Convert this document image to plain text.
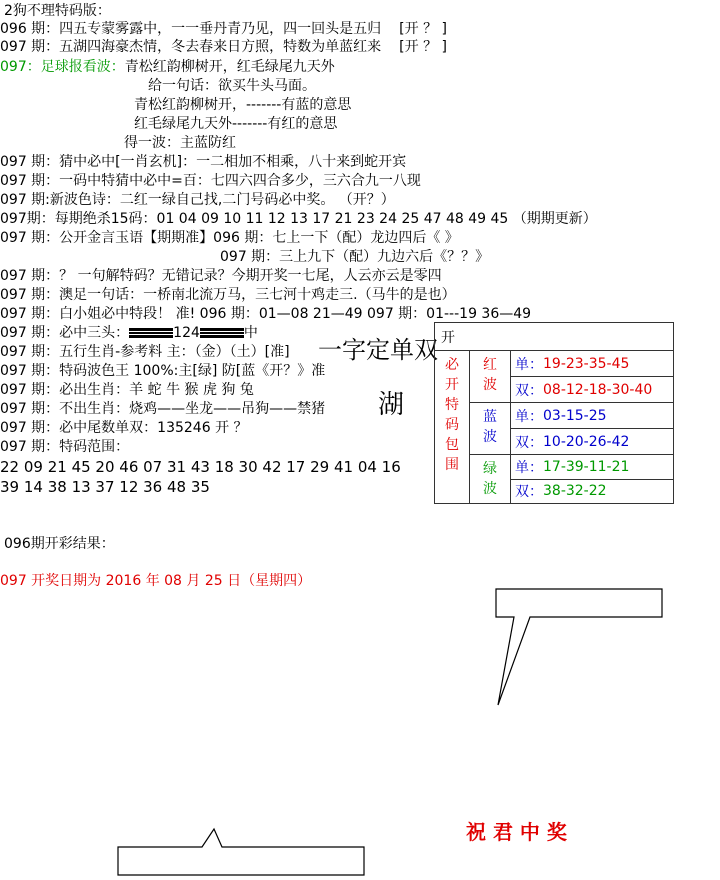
2狗不理特码版：
096 期：四五专蒙雾露中，一一垂丹青乃见，四一回头是五归 [开 ？ ]
097 期：五湖四海豪杰情，冬去春来日方照，特数为单蓝红来 [开 ？ ]
097：足球报看波：青松红韵柳树开，红毛绿尾九天外
给一句话：欲买牛头马面。
青松红韵柳树开，-------有蓝的意思
红毛绿尾九天外-------有红的意思
得一波：主蓝防红
097 期：猜中必中[一肖玄机]：一二相加不相乘，八十来到蛇开宾
097 期：一码中特猜中必中=百：七四六四合多少，三六合九一八现
097 期:新波色诗：二红一绿自己找,二门号码必中奖。 （开？）
097期：每期绝杀15码：01 04 09 10 11 12 13 17 21 23 24 25 47 48 49 45 （期期更新）
097 期：公开金言玉语【期期准】096 期：七上一下（配）龙边四后《 》
097 期：三上九下（配）九边六后《？？》
097 期：？ 一句解特码？无错记录？今期开奖一七尾，人云亦云是零四
097 期：澳足一句话：一桥南北流万马，三七河十鸡走三.（马牛的是也）
097 期：白小姐必中特段！ 准! 096 期：01—08 21—49 097 期：01---19 36—49
097 期：必中三头：	124	中
097 期：五行生肖-参考料 主：（金）（土）[准]
097 期：特码波色王 100%:主[绿] 防[蓝《开？》准
097 期：必出生肖：羊 蛇 牛 猴 虎 狗 兔
097 期：不出生肖：烧鸡——坐龙——吊狗——禁猪
097 期：必中尾数单双：135246 开 ？
097 期：特码范围：
22 09 21 45 20 46 07 31 43 18 30 42 17 29 41 04 16
39 14 38 13 37 12 36 48 35
一字定单双
湖
开			

必开特码包围	红波	单：	19-23-35-45
		双：	08-12-18-30-40

	蓝波	单：	03-15-25
		双：	10-20-26-42

	绿波	单：	17-39-11-21
		双：	38-32-22
096期开彩结果：
097 开奖日期为 2016 年 08 月 25 日（星期四）
祝 君 中 奖
